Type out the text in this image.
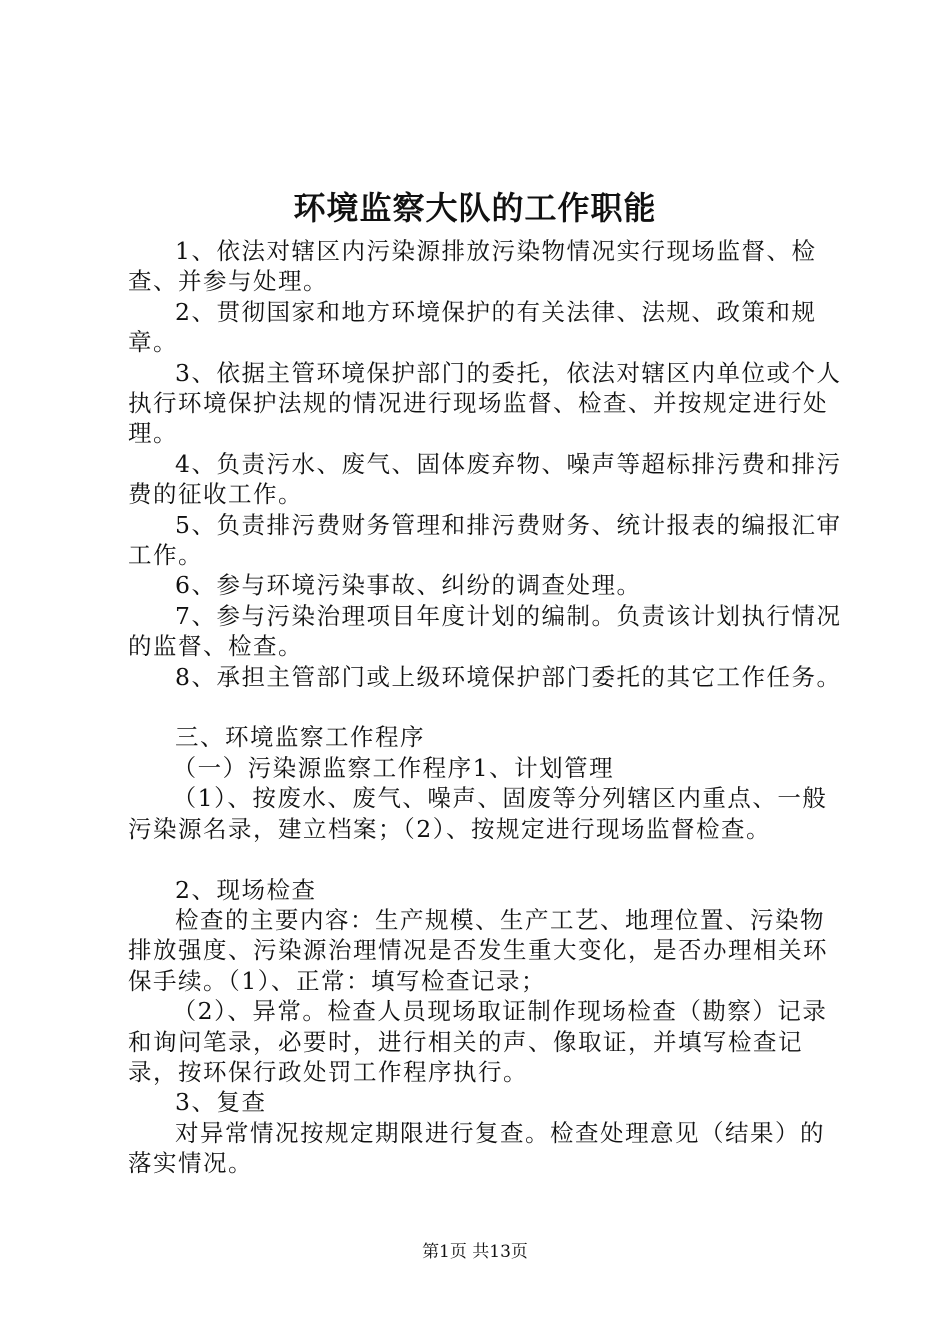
环境监察大队的工作职能

1、依法对辖区内污染源排放污染物情况实行现场监督、检查、并参与处理。

2、贯彻国家和地方环境保护的有关法律、法规、政策和规章。

3、依据主管环境保护部门的委托，依法对辖区内单位或个人执行环境保护法规的情况进行现场监督、检查、并按规定进行处理。

4、负责污水、废气、固体废弃物、噪声等超标排污费和排污费的征收工作。

5、负责排污费财务管理和排污费财务、统计报表的编报汇审工作。

6、参与环境污染事故、纠纷的调查处理。

7、参与污染治理项目年度计划的编制。负责该计划执行情况的监督、检查。

8、承担主管部门或上级环境保护部门委托的其它工作任务。

三、环境监察工作程序

（一）污染源监察工作程序1、计划管理

（1）、按废水、废气、噪声、固废等分列辖区内重点、一般污染源名录，建立档案；（2）、按规定进行现场监督检查。

2、现场检查

检查的主要内容：生产规模、生产工艺、地理位置、污染物排放强度、污染源治理情况是否发生重大变化，是否办理相关环保手续。（1）、正常：填写检查记录；

（2）、异常。检查人员现场取证制作现场检查（勘察）记录和询问笔录，必要时，进行相关的声、像取证，并填写检查记录，按环保行政处罚工作程序执行。

3、复查

对异常情况按规定期限进行复查。检查处理意见（结果）的落实情况。

第1页 共13页
